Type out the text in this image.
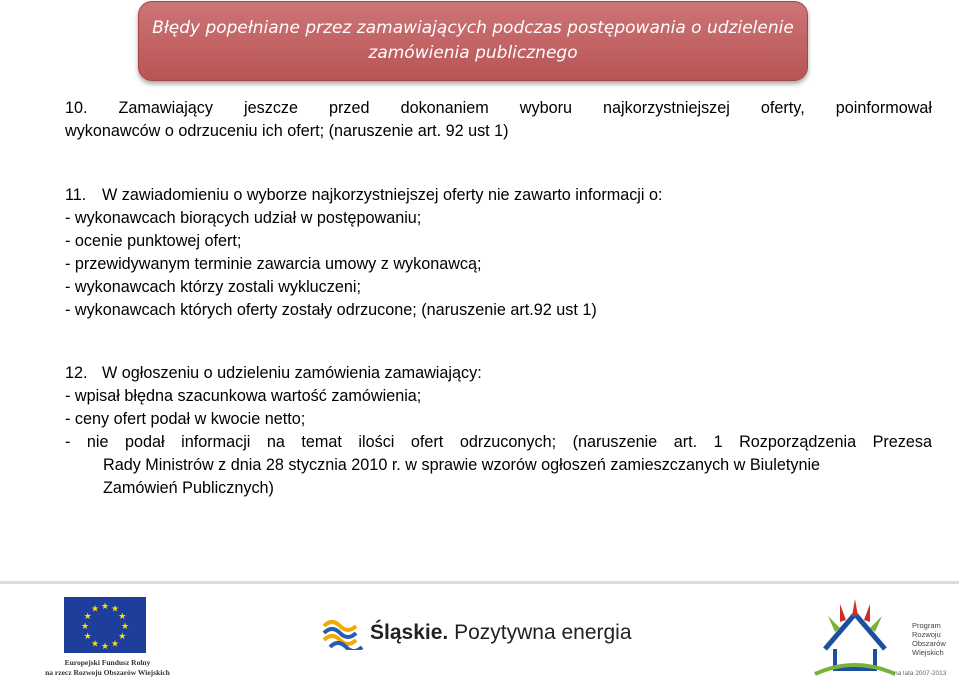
Błędy popełniane przez zamawiających podczas postępowania o udzielenie
zamówienia publicznego
10. Zamawiający jeszcze przed dokonaniem wyboru najkorzystniejszej oferty, poinformował
wykonawców o odrzuceniu ich ofert; (naruszenie art. 92 ust 1)
11. W zawiadomieniu o wyborze najkorzystniejszej oferty nie zawarto informacji o:
- wykonawcach biorących udział w postępowaniu;
- ocenie punktowej ofert;
- przewidywanym terminie zawarcia umowy z wykonawcą;
- wykonawcach którzy zostali wykluczeni;
- wykonawcach których oferty zostały odrzucone; (naruszenie art.92 ust 1)
12. W ogłoszeniu o udzieleniu zamówienia zamawiający:
- wpisał błędna szacunkowa wartość zamówienia;
- ceny ofert podał w kwocie netto;
- nie podał informacji na temat ilości ofert odrzuconych; (naruszenie art. 1 Rozporządzenia Prezesa
Rady Ministrów z dnia 28 stycznia 2010 r. w sprawie wzorów ogłoszeń zamieszczanych w Biuletynie
Zamówień Publicznych)
★ ★
★
★
★
★
★
★
★
★
★
★
Europejski Fundusz Rolny
na rzecz Rozwoju Obszarów Wiejskich
Śląskie. Pozytywna energia	Program
Rozwoju
Obszarów
Wiejskich
na lata 2007-2013
